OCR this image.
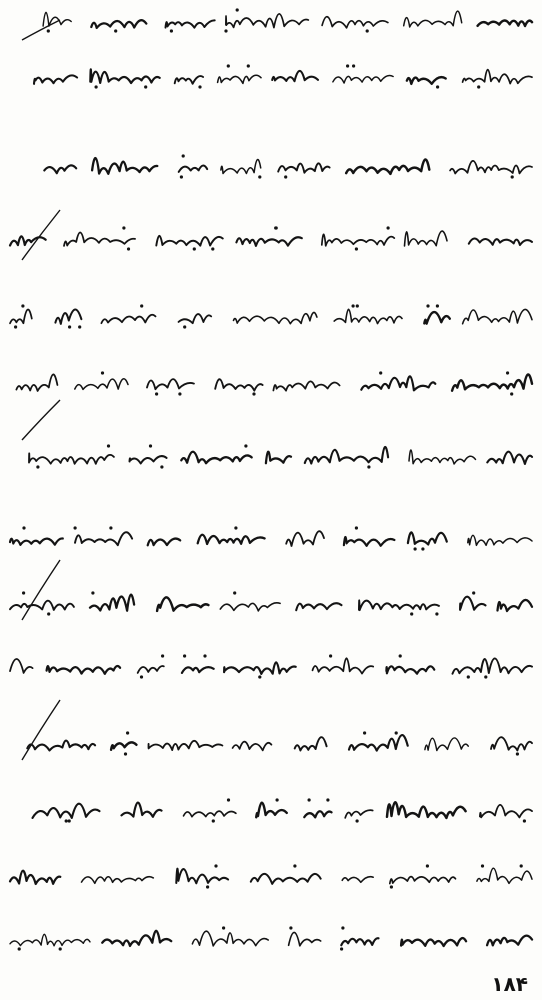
۱۸۴
